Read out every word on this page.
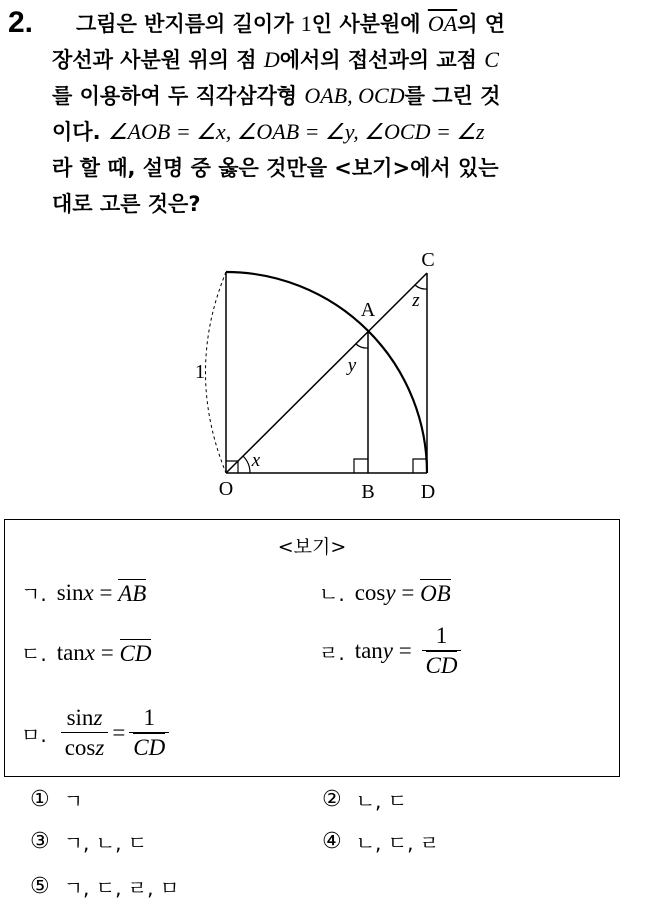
2.	그림은 반지름의 길이가 1인 사분원에 $\overline{OA}$의 연
장선과 사분원 위의 점 D에서의 접선과의 교점 C
를 이용하여 두 직각삼각형 OAB, OCD를 그린 것
이다. ∠AOB = ∠x, ∠OAB = ∠y, ∠OCD = ∠z
라 할 때, 설명 중 옳은 것만을 <보기>에서 있는
대로 고른 것은?
O	B D
C
A
1
x
y
z
<보기>
ㄱ. sin x = AB	ㄴ. cos y = OB
ㄷ. tan x = CD	ㄹ. $\tan y = \frac{1}{CD}$
ㅁ. $\frac{\sin z}{\cos z} = \frac{1}{CD}$
① ㄱ	② ㄴ, ㄷ
③ ㄱ, ㄴ, ㄷ	④ ㄴ, ㄷ, ㄹ
⑤ ㄱ, ㄷ, ㄹ, ㅁ
